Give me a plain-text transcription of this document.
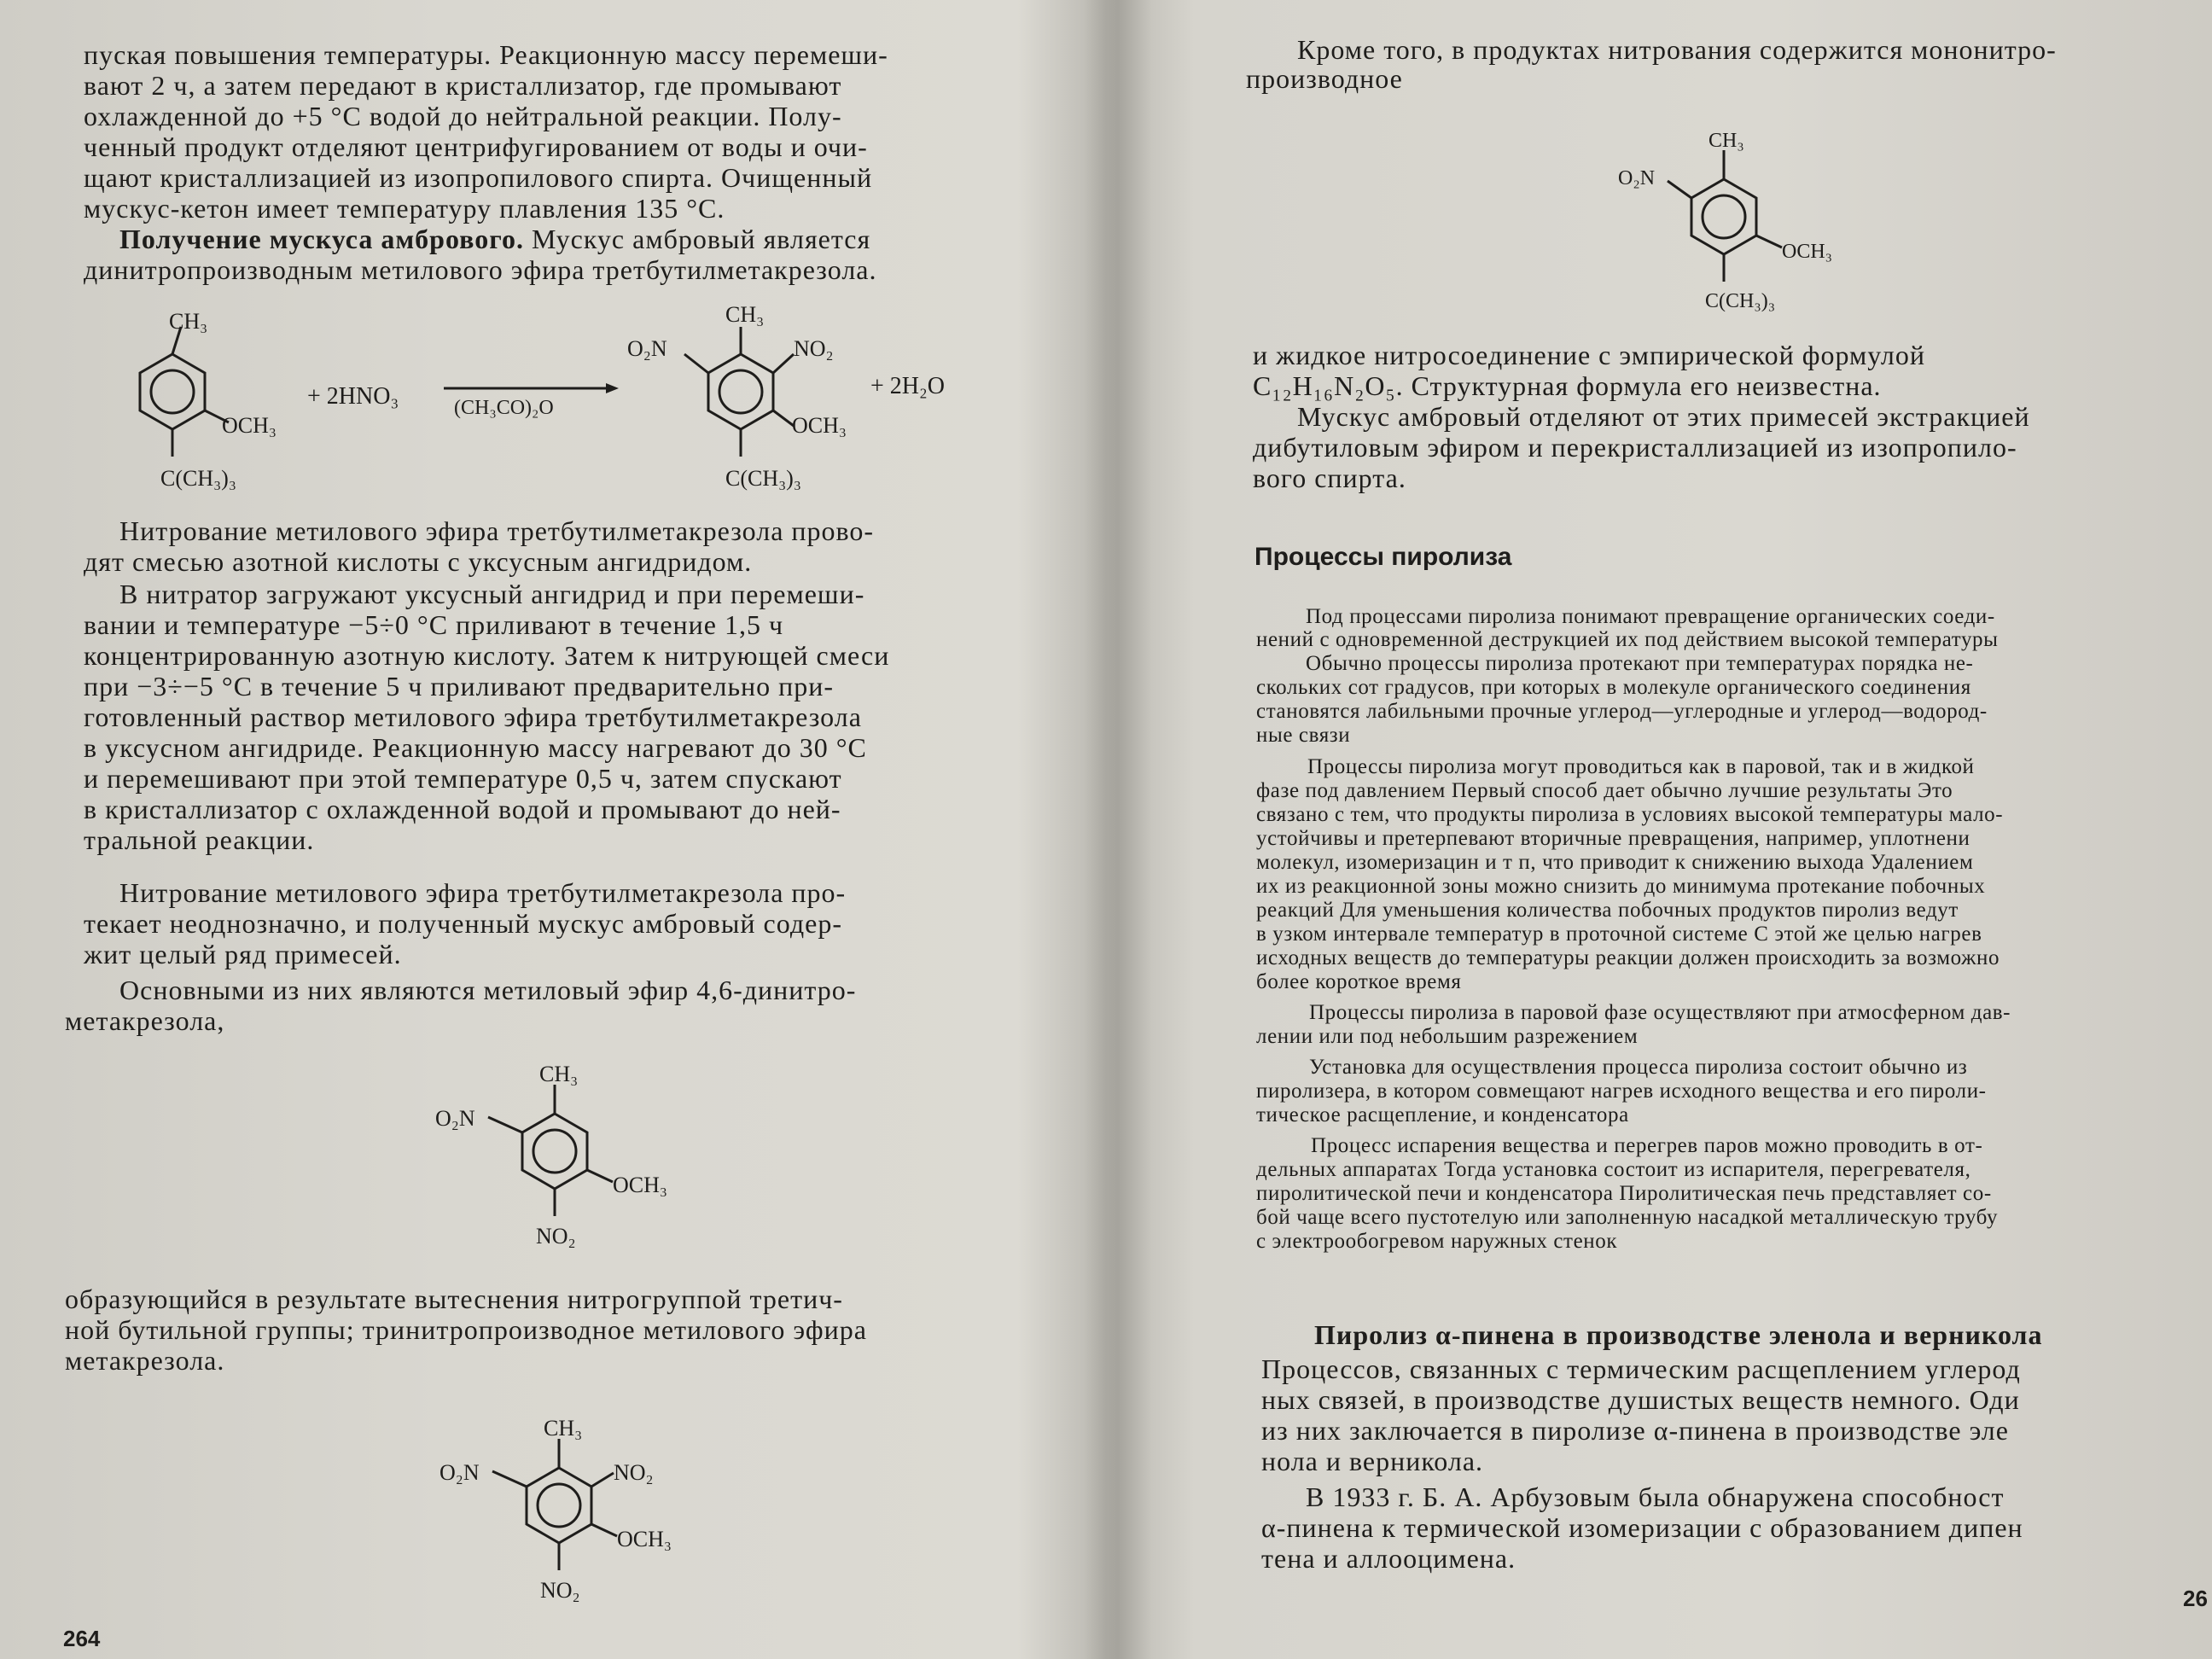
пуская повышения температуры. Реакционную массу перемеши-

вают 2 ч, а затем передают в кристаллизатор, где промывают

охлажденной до +5 °С водой до нейтральной реакции. Полу-

ченный продукт отделяют центрифугированием от воды и очи-

щают кристаллизацией из изопропилового спирта. Очищенный

мускус-кетон имеет температуру плавления 135 °С.

Получение мускуса амбрового. Мускус амбровый является

динитропроизводным метилового эфира третбутилметакрезола.

CH₃
OCH₃
C(CH₃)₃
+ 2HNO₃	(CH₃CO)₂O
CH₃
O₂N	NO₂
OCH₃
C(CH₃)₃
+ 2H₂O

Нитрование метилового эфира третбутилметакрезола прово-

дят смесью азотной кислоты с уксусным ангидридом.

В нитратор загружают уксусный ангидрид и при перемеши-

вании и температуре −5÷0 °С приливают в течение 1,5 ч

концентрированную азотную кислоту. Затем к нитрующей смеси

при −3÷−5 °С в течение 5 ч приливают предварительно при-

готовленный раствор метилового эфира третбутилметакрезола

в уксусном ангидриде. Реакционную массу нагревают до 30 °С

и перемешивают при этой температуре 0,5 ч, затем спускают

в кристаллизатор с охлажденной водой и промывают до ней-

тральной реакции.

Нитрование метилового эфира третбутилметакрезола про-

текает неоднозначно, и полученный мускус амбровый содер-

жит целый ряд примесей.

Основными из них являются метиловый эфир 4,6-динитро-

метакрезола,

CH₃
O₂N
OCH₃
NO₂

образующийся в результате вытеснения нитрогруппой третич-

ной бутильной группы; тринитропроизводное метилового эфира

метакрезола.

CH₃
O₂N	NO₂
OCH₃
NO₂

264

Кроме того, в продуктах нитрования содержится мононитро-

производное

CH₃
O₂N
OCH₃
C(CH₃)₃

и жидкое нитросоединение с эмпирической формулой

C₁₂H₁₆N₂O₅. Структурная формула его неизвестна.

Мускус амбровый отделяют от этих примесей экстракцией

дибутиловым эфиром и перекристаллизацией из изопропило-

вого спирта.

Процессы пиролиза

Под процессами пиролиза понимают превращение органических соеди-

нений с одновременной деструкцией их под действием высокой температуры

Обычно процессы пиролиза протекают при температурах порядка не-

скольких сот градусов, при которых в молекуле органического соединения

становятся лабильными прочные углерод—углеродные и углерод—водород-

ные связи

Процессы пиролиза могут проводиться как в паровой, так и в жидкой

фазе под давлением Первый способ дает обычно лучшие результаты Это

связано с тем, что продукты пиролиза в условиях высокой температуры мало-

устойчивы и претерпевают вторичные превращения, например, уплотнени

молекул, изомеризацин и т п, что приводит к снижению выхода Удалением

их из реакционной зоны можно снизить до минимума протекание побочных

реакций Для уменьшения количества побочных продуктов пиролиз ведут

в узком интервале температур в проточной системе С этой же целью нагрев

исходных веществ до температуры реакции должен происходить за возможно

более короткое время

Процессы пиролиза в паровой фазе осуществляют при атмосферном дав-

лении или под небольшим разрежением

Установка для осуществления процесса пиролиза состоит обычно из

пиролизера, в котором совмещают нагрев исходного вещества и его пироли-

тическое расщепление, и конденсатора

Процесс испарения вещества и перегрев паров можно проводить в от-

дельных аппаратах Тогда установка состоит из испарителя, перегревателя,

пиролитической печи и конденсатора Пиролитическая печь представляет со-

бой чаще всего пустотелую или заполненную насадкой металлическую трубу

с электрообогревом наружных стенок

Пиролиз α-пинена в производстве эленола и верникола

Процессов, связанных с термическим расщеплением углерод

ных связей, в производстве душистых веществ немного. Оди

из них заключается в пиролизе α-пинена в производстве эле

нола и верникола.

В 1933 г. Б. А. Арбузовым была обнаружена способност

α-пинена к термической изомеризации с образованием дипен

тена и аллооцимена.

26
